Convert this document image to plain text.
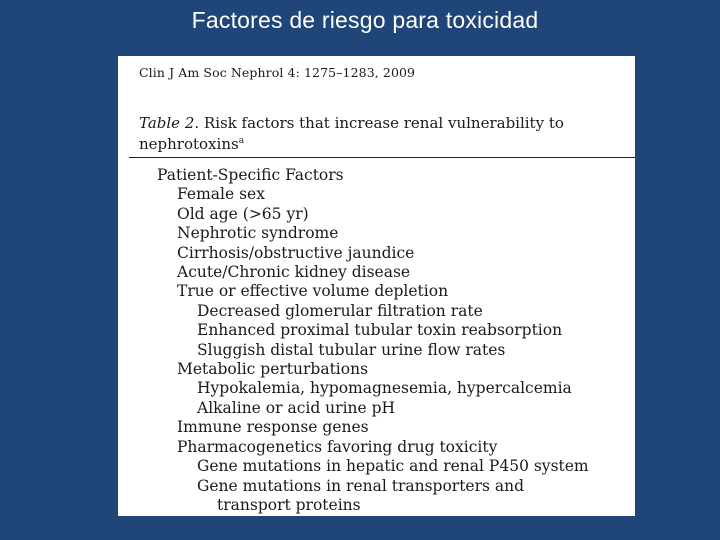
Factores de riesgo para toxicidad
Clin J Am Soc Nephrol 4: 1275–1283, 2009
Table 2. Risk factors that increase renal vulnerability to
nephrotoxins$^a$
Patient-Specific Factors
Female sex
Old age (>65 yr)
Nephrotic syndrome
Cirrhosis/obstructive jaundice
Acute/Chronic kidney disease
True or effective volume depletion
Decreased glomerular filtration rate
Enhanced proximal tubular toxin reabsorption
Sluggish distal tubular urine flow rates
Metabolic perturbations
Hypokalemia, hypomagnesemia, hypercalcemia
Alkaline or acid urine pH
Immune response genes
Pharmacogenetics favoring drug toxicity
Gene mutations in hepatic and renal P450 system
Gene mutations in renal transporters and
transport proteins
